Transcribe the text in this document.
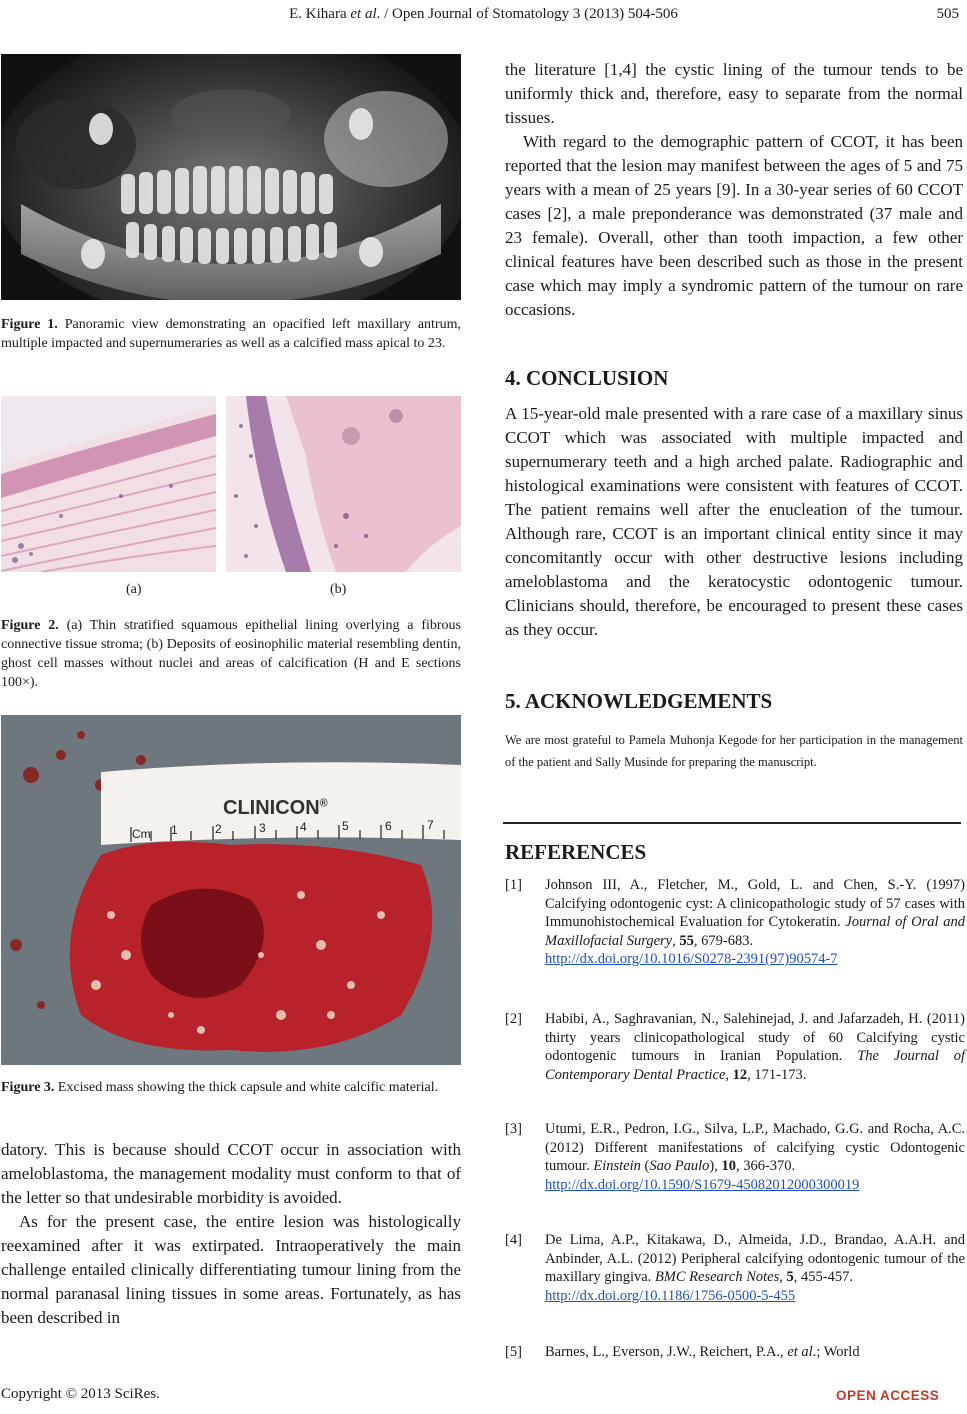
E. Kihara et al. / Open Journal of Stomatology 3 (2013) 504-506	505
Figure 1. Panoramic view demonstrating an opacified left maxillary antrum, multiple impacted and supernumeraries as well as a calcified mass apical to 23.
(a)	(b)
Figure 2. (a) Thin stratified squamous epithelial lining overlying a fibrous connective tissue stroma; (b) Deposits of eosinophilic material resembling dentin, ghost cell masses without nuclei and areas of calcification (H and E sections 100×).
CLINICON®
Cm 1	2	3	4	5	6	7
Figure 3. Excised mass showing the thick capsule and white calcific material.

datory. This is because should CCOT occur in association with ameloblastoma, the management modality must conform to that of the letter so that undesirable morbidity is avoided.

As for the present case, the entire lesion was histologically reexamined after it was extirpated. Intraoperatively the main challenge entailed clinically differentiating tumour lining from the normal paranasal lining tissues in some areas. Fortunately, as has been described in

the literature [1,4] the cystic lining of the tumour tends to be uniformly thick and, therefore, easy to separate from the normal tissues.

With regard to the demographic pattern of CCOT, it has been reported that the lesion may manifest between the ages of 5 and 75 years with a mean of 25 years [9]. In a 30-year series of 60 CCOT cases [2], a male preponderance was demonstrated (37 male and 23 female). Overall, other than tooth impaction, a few other clinical features have been described such as those in the present case which may imply a syndromic pattern of the tumour on rare occasions.

4. CONCLUSION
A 15-year-old male presented with a rare case of a maxillary sinus CCOT which was associated with multiple impacted and supernumerary teeth and a high arched palate. Radiographic and histological examinations were consistent with features of CCOT. The patient remains well after the enucleation of the tumour. Although rare, CCOT is an important clinical entity since it may concomitantly occur with other destructive lesions including ameloblastoma and the keratocystic odontogenic tumour. Clinicians should, therefore, be encouraged to present these cases as they occur.
5. ACKNOWLEDGEMENTS
We are most grateful to Pamela Muhonja Kegode for her participation in the management of the patient and Sally Musinde for preparing the manuscript.
REFERENCES
[1] Johnson III, A., Fletcher, M., Gold, L. and Chen, S.-Y. (1997) Calcifying odontogenic cyst: A clinicopathologic study of 57 cases with Immunohistochemical Evaluation for Cytokeratin. Journal of Oral and Maxillofacial Surgery, 55, 679-683.
http://dx.doi.org/10.1016/S0278-2391(97)90574-7
[2] Habibi, A., Saghravanian, N., Salehinejad, J. and Jafarzadeh, H. (2011) thirty years clinicopathological study of 60 Calcifying cystic odontogenic tumours in Iranian Population. The Journal of Contemporary Dental Practice, 12, 171-173.
[3] Utumi, E.R., Pedron, I.G., Silva, L.P., Machado, G.G. and Rocha, A.C. (2012) Different manifestations of calcifying cystic Odontogenic tumour. Einstein (Sao Paulo), 10, 366-370.
http://dx.doi.org/10.1590/S1679-45082012000300019
[4] De Lima, A.P., Kitakawa, D., Almeida, J.D., Brandao, A.A.H. and Anbinder, A.L. (2012) Peripheral calcifying odontogenic tumour of the maxillary gingiva. BMC Research Notes, 5, 455-457.
http://dx.doi.org/10.1186/1756-0500-5-455
[5] Barnes, L., Everson, J.W., Reichert, P.A., et al.; World
Copyright © 2013 SciRes.	OPEN ACCESS
